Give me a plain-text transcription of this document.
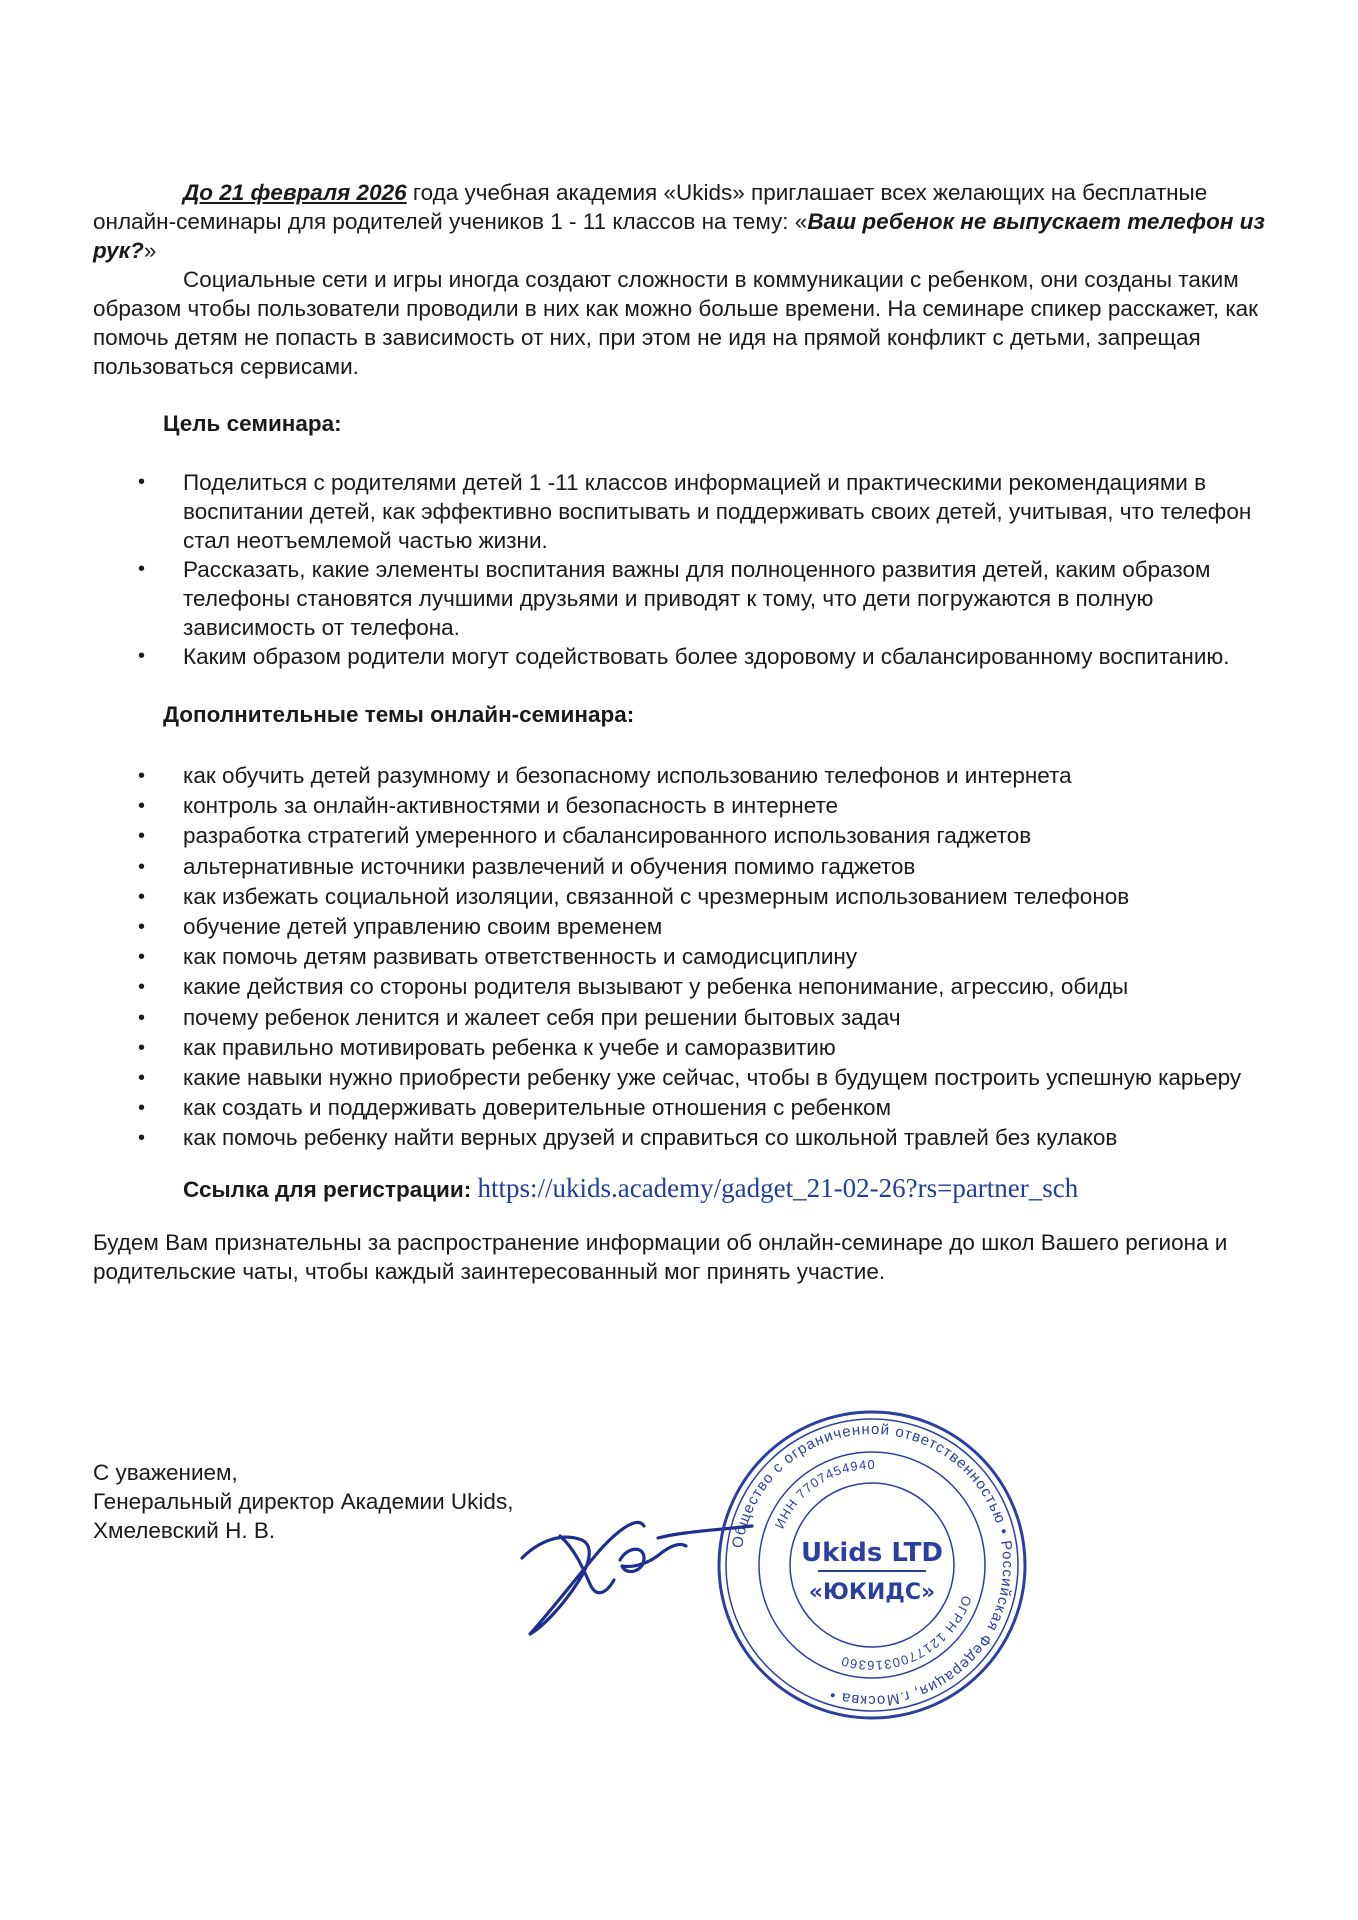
До 21 февраля 2026 года учебная академия «Ukids» приглашает всех желающих на бесплатные онлайн-семинары для родителей учеников 1 - 11 классов на тему: «Ваш ребенок не выпускает телефон из рук?»

Социальные сети и игры иногда создают сложности в коммуникации с ребенком, они созданы таким образом чтобы пользователи проводили в них как можно больше времени. На семинаре спикер расскажет, как помочь детям не попасть в зависимость от них, при этом не идя на прямой конфликт с детьми, запрещая пользоваться сервисами.

Цель семинара:

• Поделиться с родителями детей 1 -11 классов информацией и практическими рекомендациями в воспитании детей, как эффективно воспитывать и поддерживать своих детей, учитывая, что телефон стал неотъемлемой частью жизни.
• Рассказать, какие элементы воспитания важны для полноценного развития детей, каким образом телефоны становятся лучшими друзьями и приводят к тому, что дети погружаются в полную зависимость от телефона.
• Каким образом родители могут содействовать более здоровому и сбалансированному воспитанию.

Дополнительные темы онлайн-семинара:

• как обучить детей разумному и безопасному использованию телефонов и интернета
• контроль за онлайн-активностями и безопасность в интернете
• разработка стратегий умеренного и сбалансированного использования гаджетов
• альтернативные источники развлечений и обучения помимо гаджетов
• как избежать социальной изоляции, связанной с чрезмерным использованием телефонов
• обучение детей управлению своим временем
• как помочь детям развивать ответственность и самодисциплину
• какие действия со стороны родителя вызывают у ребенка непонимание, агрессию, обиды
• почему ребенок ленится и жалеет себя при решении бытовых задач
• как правильно мотивировать ребенка к учебе и саморазвитию
• какие навыки нужно приобрести ребенку уже сейчас, чтобы в будущем построить успешную карьеру
• как создать и поддерживать доверительные отношения с ребенком
• как помочь ребенку найти верных друзей и справиться со школьной травлей без кулаков

Ссылка для регистрации: https://ukids.academy/gadget_21-02-26?rs=partner_sch

Будем Вам признательны за распространение информации об онлайн-семинаре до школ Вашего региона и родительские чаты, чтобы каждый заинтересованный мог принять участие.

С уважением,
Генеральный директор Академии Ukids,
Хмелевский Н. В.	Общество с ограниченной ответственностью • Российская Федерация, г.Москва •
ИНН 7707454940
ОГРН 1217700316360
Ukids LTD
«ЮКИДС»
